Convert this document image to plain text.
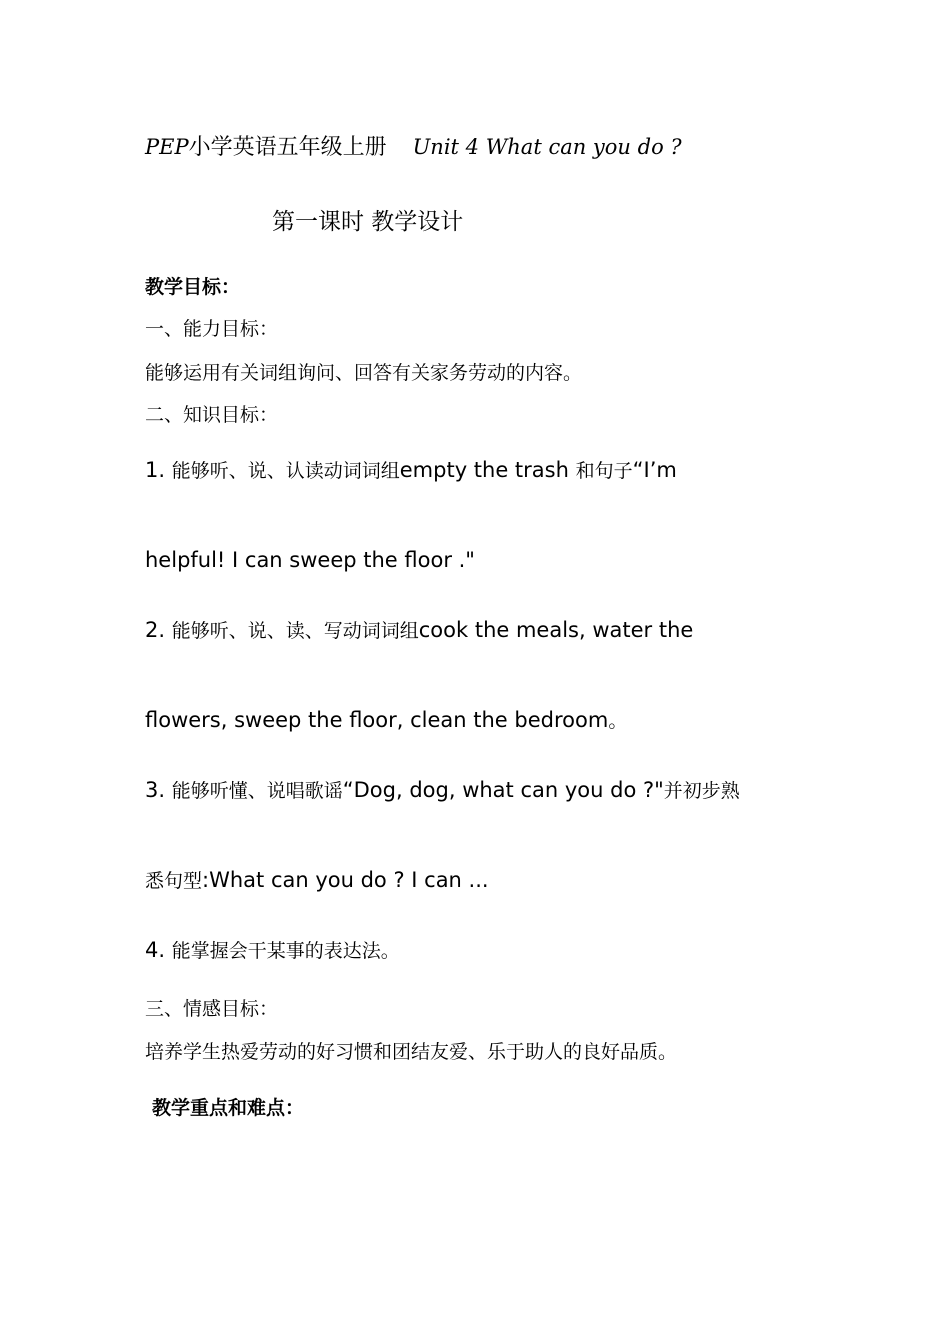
PEP小学英语五年级上册 Unit 4 What can you do ?
第一课时 教学设计
教学目标：
一、能力目标：
能够运用有关词组询问、回答有关家务劳动的内容。
二、知识目标：
1. 能够听、说、认读动词词组empty the trash 和句子“I’m
helpful! I can sweep the floor ."
2. 能够听、说、读、写动词词组cook the meals, water the
flowers, sweep the floor, clean the bedroom。
3. 能够听懂、说唱歌谣“Dog, dog, what can you do ?"并初步熟
悉句型:What can you do ? I can ...
4. 能掌握会干某事的表达法。
三、情感目标：
培养学生热爱劳动的好习惯和团结友爱、乐于助人的良好品质。
教学重点和难点：
